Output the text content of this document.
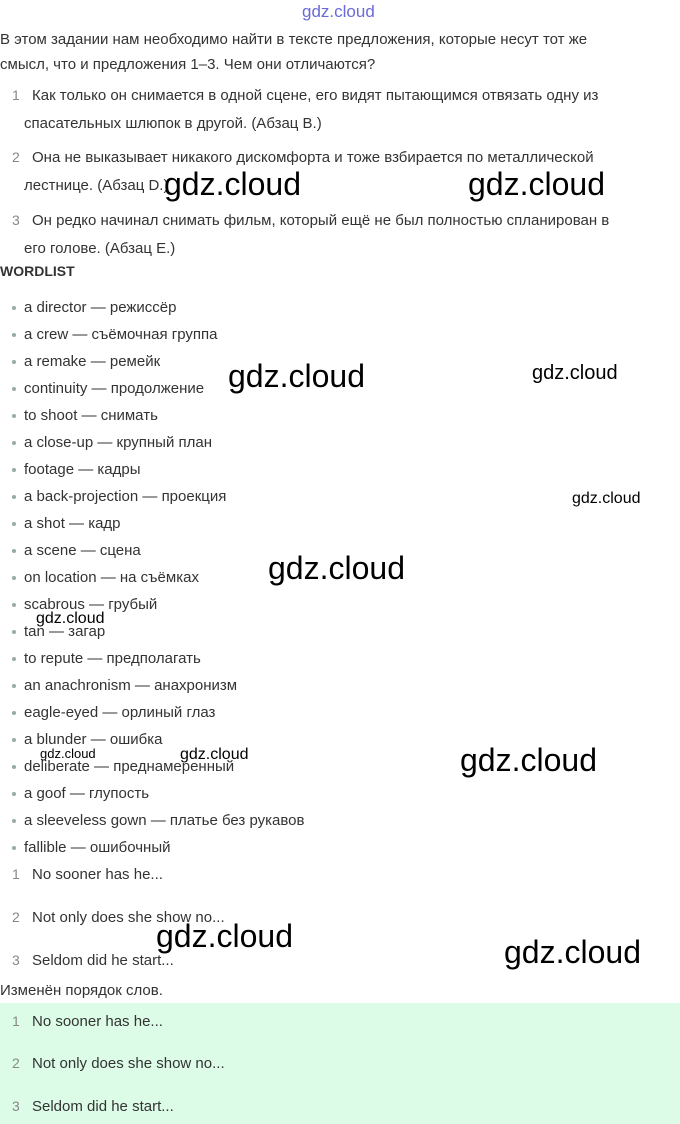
gdz.cloud
В этом задании нам необходимо найти в тексте предложения, которые несут тот же
смысл, что и предложения 1–3. Чем они отличаются?
1 Как только он снимается в одной сцене, его видят пытающимся отвязать одну из
спасательных шлюпок в другой. (Абзац В.)
2 Она не выказывает никакого дискомфорта и тоже взбирается по металлической
лестнице. (Абзац D.)
3 Он редко начинал снимать фильм, который ещё не был полностью спланирован в
его голове. (Абзац Е.)
WORDLIST
a director — режиссёр
a crew — съёмочная группа
a remake — ремейк
continuity — продолжение
to shoot — снимать
a close-up — крупный план
footage — кадры
a back-projection — проекция
a shot — кадр
a scene — сцена
on location — на съёмках
scabrous — грубый
tan — загар
to repute — предполагать
an anachronism — анахронизм
eagle-eyed — орлиный глаз
a blunder — ошибка
deliberate — преднамеренный
a goof — глупость
a sleeveless gown — платье без рукавов
fallible — ошибочный
1 No sooner has he...
2 Not only does she show no...
3 Seldom did he start...
Изменён порядок слов.
1 No sooner has he...
2 Not only does she show no...
3 Seldom did he start...
gdz.cloud	gdz.cloud
gdz.cloud	gdz.cloud
gdz.cloud
gdz.cloud
gdz.cloud
gdz.cloud	gdz.cloud	gdz.cloud
gdz.cloud	gdz.cloud
